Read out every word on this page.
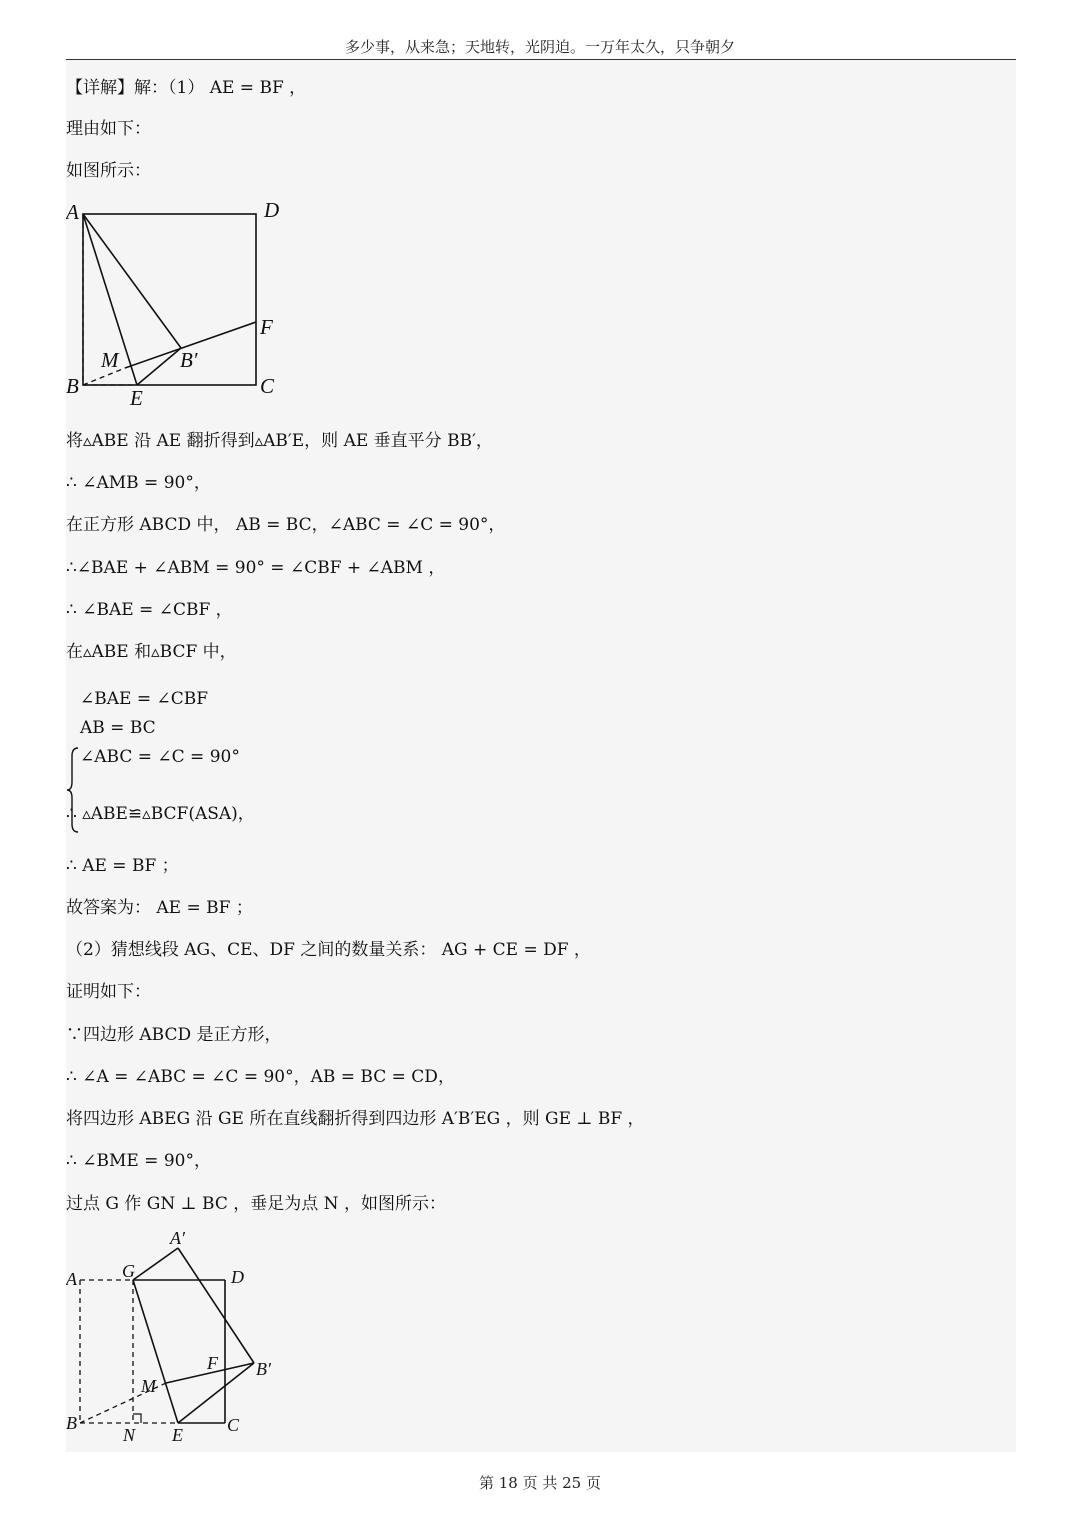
多少事，从来急；天地转，光阴迫。一万年太久，只争朝夕
【详解】解：（1） AE = BF ，
理由如下：
如图所示：
A	D
F
M	B′
B E	C
将▵ABE 沿 AE 翻折得到▵AB′E，则 AE 垂直平分 BB′，
∴ ∠AMB = 90°，
在正方形 ABCD 中， AB = BC，∠ABC = ∠C = 90°，
∴∠BAE + ∠ABM = 90° = ∠CBF + ∠ABM ，
∴ ∠BAE = ∠CBF ，
在▵ABE 和▵BCF 中，
∠BAE = ∠CBF
AB = BC
∠ABC = ∠C = 90°
∴ ▵ABE≌▵BCF(ASA)，
∴ AE = BF ；
故答案为： AE = BF ；
（2）猜想线段 AG、CE、DF 之间的数量关系： AG + CE = DF ，
证明如下：
∵四边形 ABCD 是正方形，
∴ ∠A = ∠ABC = ∠C = 90°，AB = BC = CD，
将四边形 ABEG 沿 GE 所在直线翻折得到四边形 A′B′EG ，则 GE ⊥ BF ，
∴ ∠BME = 90°，
过点 G 作 GN ⊥ BC ，垂足为点 N ，如图所示：
A′
A	G	D
F B′
M
B
N E C
第 18 页 共 25 页
